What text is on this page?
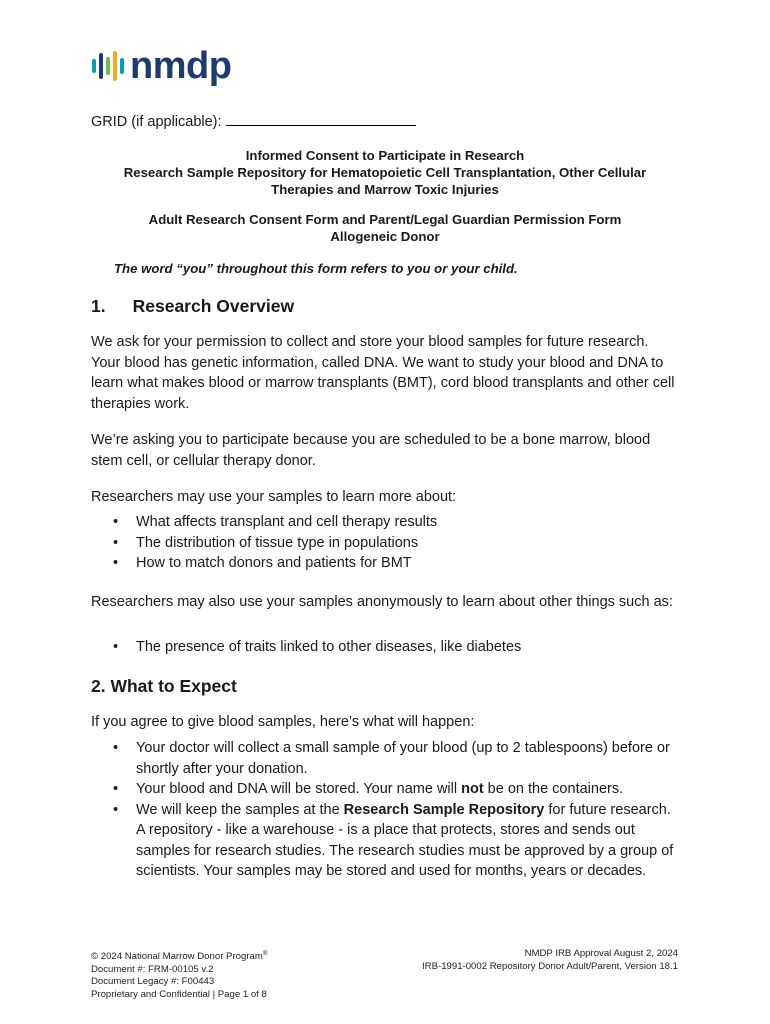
nmdp
GRID (if applicable):
Informed Consent to Participate in Research
Research Sample Repository for Hematopoietic Cell Transplantation, Other Cellular
Therapies and Marrow Toxic Injuries
Adult Research Consent Form and Parent/Legal Guardian Permission Form
Allogeneic Donor
The word “you” throughout this form refers to you or your child.
1. Research Overview

We ask for your permission to collect and store your blood samples for future research. Your blood has genetic information, called DNA. We want to study your blood and DNA to learn what makes blood or marrow transplants (BMT), cord blood transplants and other cell therapies work.

We’re asking you to participate because you are scheduled to be a bone marrow, blood stem cell, or cellular therapy donor.

Researchers may use your samples to learn more about:

• What affects transplant and cell therapy results
• The distribution of tissue type in populations
• How to match donors and patients for BMT

Researchers may also use your samples anonymously to learn about other things such as:

• The presence of traits linked to other diseases, like diabetes
2. What to Expect

If you agree to give blood samples, here’s what will happen:

• Your doctor will collect a small sample of your blood (up to 2 tablespoons) before or shortly after your donation.
• Your blood and DNA will be stored. Your name will not be on the containers.
• We will keep the samples at the Research Sample Repository for future research. A repository - like a warehouse - is a place that protects, stores and sends out samples for research studies. The research studies must be approved by a group of scientists. Your samples may be stored and used for months, years or decades.
© 2024 National Marrow Donor Program®
Document #: FRM-00105 v.2
Document Legacy #: F00443
Proprietary and Confidential | Page 1 of 8
NMDP IRB Approval August 2, 2024
IRB-1991-0002 Repository Donor Adult/Parent, Version 18.1
